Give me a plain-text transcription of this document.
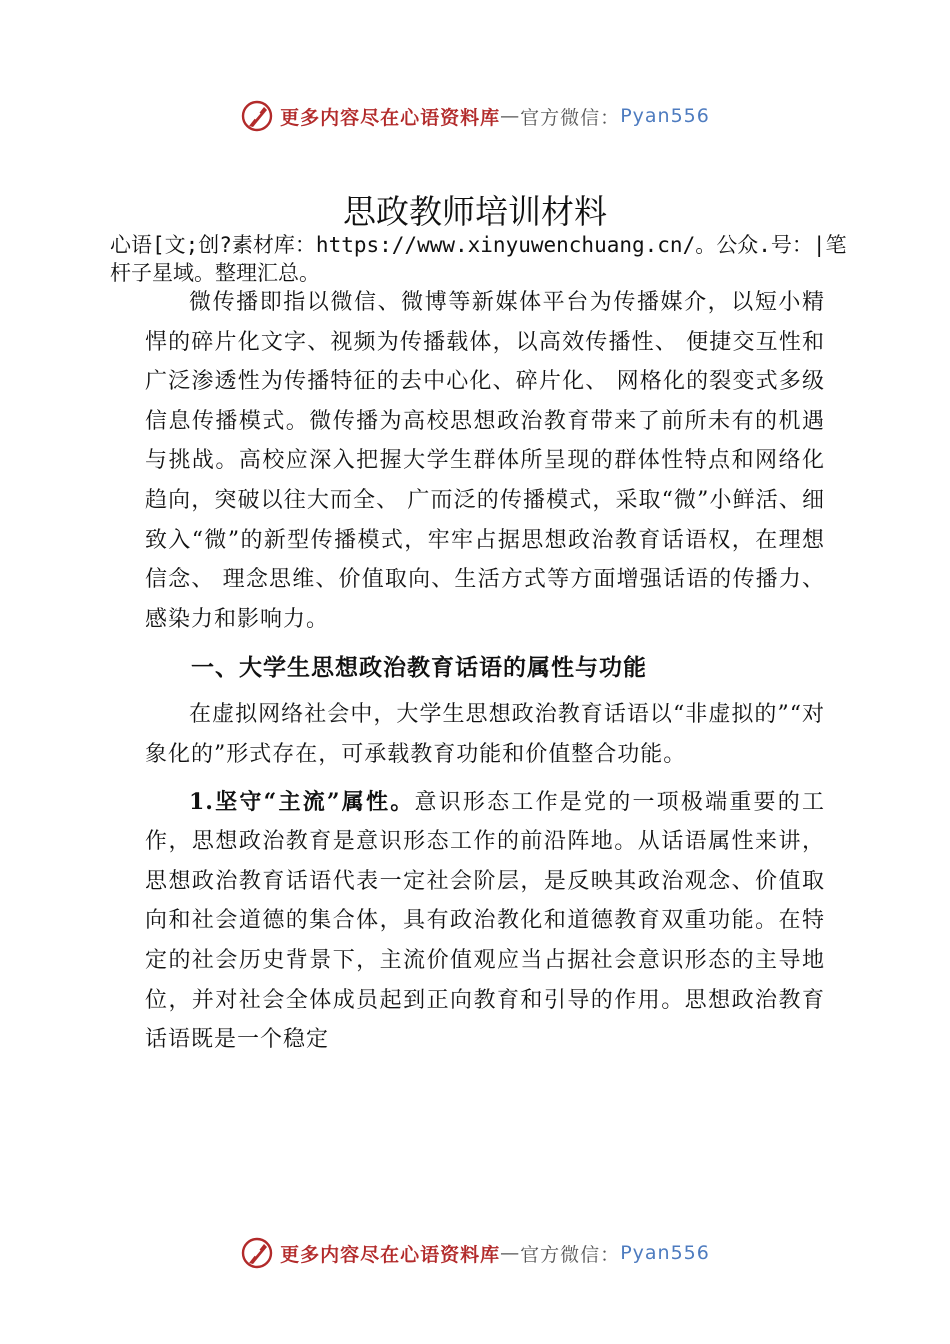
更多内容尽在心语资料库 — 官方微信： Pyan556
思政教师培训材料

心语[文;创?素材库：https://www.xinyuwenchuang.cn/。公众.号：|笔杆子星域。整理汇总。

微传播即指以微信、微博等新媒体平台为传播媒介，以短小精悍的碎片化文字、视频为传播载体，以高效传播性、 便捷交互性和广泛渗透性为传播特征的去中心化、碎片化、 网格化的裂变式多级信息传播模式。微传播为高校思想政治教育带来了前所未有的机遇与挑战。高校应深入把握大学生群体所呈现的群体性特点和网络化趋向，突破以往大而全、 广而泛的传播模式，采取“微”小鲜活、细致入“微”的新型传播模式，牢牢占据思想政治教育话语权，在理想信念、 理念思维、价值取向、生活方式等方面增强话语的传播力、 感染力和影响力。

一、大学生思想政治教育话语的属性与功能

在虚拟网络社会中，大学生思想政治教育话语以“非虚拟的”“对象化的”形式存在，可承载教育功能和价值整合功能。

1.坚守“主流”属性。意识形态工作是党的一项极端重要的工作，思想政治教育是意识形态工作的前沿阵地。从话语属性来讲，思想政治教育话语代表一定社会阶层，是反映其政治观念、价值取向和社会道德的集合体，具有政治教化和道德教育双重功能。在特定的社会历史背景下，主流价值观应当占据社会意识形态的主导地位，并对社会全体成员起到正向教育和引导的作用。思想政治教育话语既是一个稳定

更多内容尽在心语资料库 — 官方微信： Pyan556
